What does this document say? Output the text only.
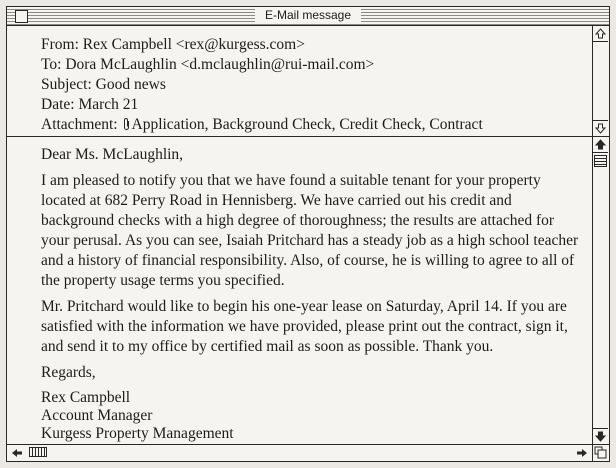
E-Mail message
From: Rex Campbell <rex@kurgess.com>
To: Dora McLaughlin <d.mclaughlin@rui-mail.com>
Subject: Good news
Date: March 21
Attachment: Application, Background Check, Credit Check, Contract

Dear Ms. McLaughlin,

I am pleased to notify you that we have found a suitable tenant for your property located at 682 Perry Road in Hennisberg. We have carried out his credit and background checks with a high degree of thoroughness; the results are attached for your perusal. As you can see, Isaiah Pritchard has a steady job as a high school teacher and a history of financial responsibility. Also, of course, he is willing to agree to all of the property usage terms you specified.

Mr. Pritchard would like to begin his one-year lease on Saturday, April 14. If you are satisfied with the information we have provided, please print out the contract, sign it, and send it to my office by certified mail as soon as possible. Thank you.

Regards,

Rex Campbell
Account Manager
Kurgess Property Management
